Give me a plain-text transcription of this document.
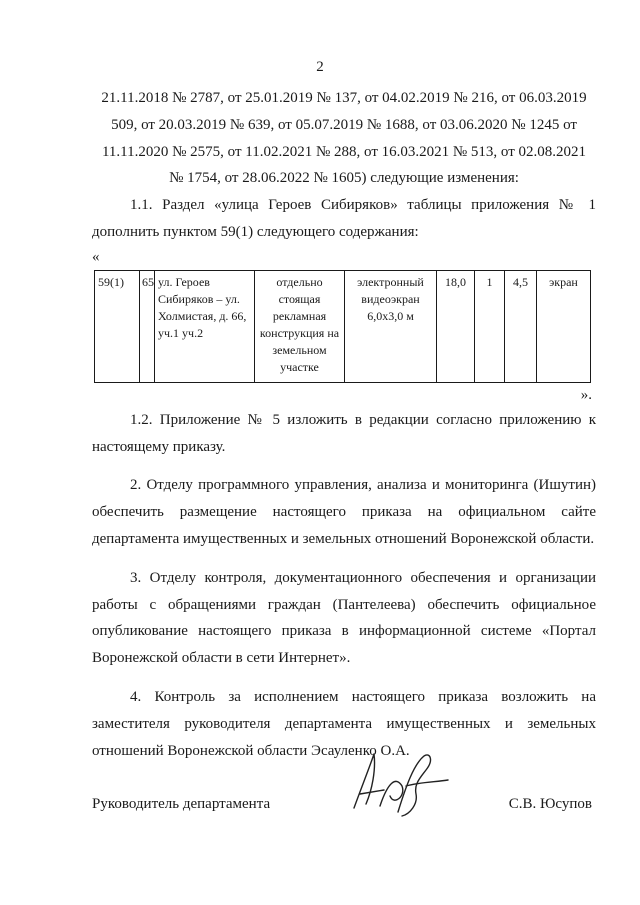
2
21.11.2018 № 2787, от 25.01.2019 № 137, от 04.02.2019 № 216, от 06.03.2019
509, от 20.03.2019 № 639, от 05.07.2019 № 1688, от 03.06.2020 № 1245 от
11.11.2020 № 2575, от 11.02.2021 № 288, от 16.03.2021 № 513, от 02.08.2021
№ 1754, от 28.06.2022 № 1605) следующие изменения:

1.1. Раздел «улица Героев Сибиряков» таблицы приложения № 1 дополнить пунктом 59(1) следующего содержания:

«
59(1)	65	ул. Героев Сибиряков – ул. Холмистая, д. 66, уч.1 уч.2	отдельно стоящая рекламная конструкция на земельном участке	электронный видеоэкран 6,0х3,0 м	18,0	1	4,5	экран
».

1.2. Приложение № 5 изложить в редакции согласно приложению к настоящему приказу.

2. Отделу программного управления, анализа и мониторинга (Ишутин) обеспечить размещение настоящего приказа на официальном сайте департамента имущественных и земельных отношений Воронежской области.

3. Отделу контроля, документационного обеспечения и организации работы с обращениями граждан (Пантелеева) обеспечить официальное опубликование настоящего приказа в информационной системе «Портал Воронежской области в сети Интернет».

4. Контроль за исполнением настоящего приказа возложить на заместителя руководителя департамента имущественных и земельных отношений Воронежской области Эсауленко О.А.

Руководитель департамента	С.В. Юсупов
